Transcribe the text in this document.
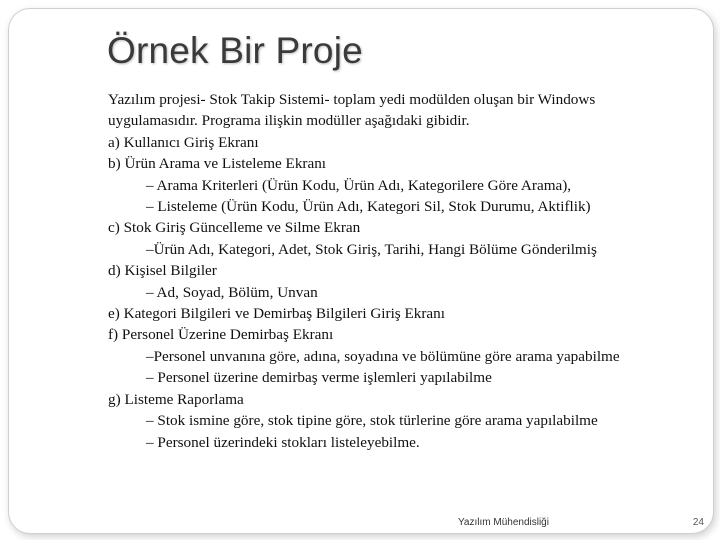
Örnek Bir Proje
Yazılım projesi- Stok Takip Sistemi- toplam yedi modülden oluşan bir Windows
uygulamasıdır. Programa ilişkin modüller aşağıdaki gibidir.
a) Kullanıcı Giriş Ekranı
b) Ürün Arama ve Listeleme Ekranı
– Arama Kriterleri (Ürün Kodu, Ürün Adı, Kategorilere Göre Arama),
– Listeleme (Ürün Kodu, Ürün Adı, Kategori Sil, Stok Durumu, Aktiflik)
c) Stok Giriş Güncelleme ve Silme Ekran
–Ürün Adı, Kategori, Adet, Stok Giriş, Tarihi, Hangi Bölüme Gönderilmiş
d) Kişisel Bilgiler
– Ad, Soyad, Bölüm, Unvan
e) Kategori Bilgileri ve Demirbaş Bilgileri Giriş Ekranı
f) Personel Üzerine Demirbaş Ekranı
–Personel unvanına göre, adına, soyadına ve bölümüne göre arama yapabilme
– Personel üzerine demirbaş verme işlemleri yapılabilme
g) Listeme Raporlama
– Stok ismine göre, stok tipine göre, stok türlerine göre arama yapılabilme
– Personel üzerindeki stokları listeleyebilme.
Yazılım Mühendisliği	24
